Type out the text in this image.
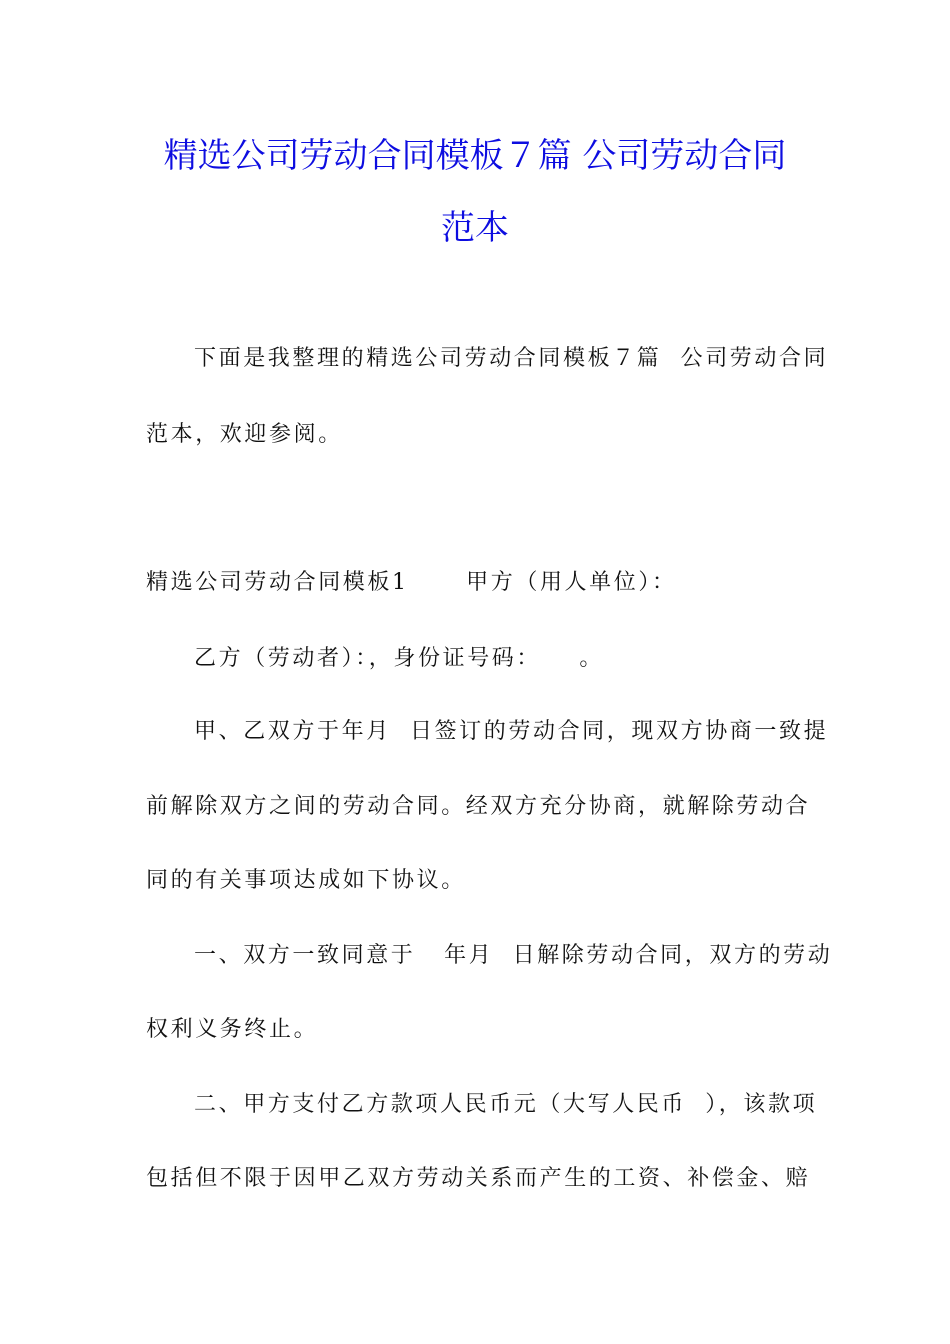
精选公司劳动合同模板７篇 公司劳动合同
范本
下面是我整理的精选公司劳动合同模板７篇  公司劳动合同
范本，欢迎参阅。
精选公司劳动合同模板1      甲方（用人单位）：
乙方（劳动者）：，身份证号码：    。
甲、乙双方于年月  日签订的劳动合同，现双方协商一致提
前解除双方之间的劳动合同。经双方充分协商，就解除劳动合
同的有关事项达成如下协议。
一、双方一致同意于   年月  日解除劳动合同，双方的劳动
权利义务终止。
二、甲方支付乙方款项人民币元（大写人民币  ），该款项
包括但不限于因甲乙双方劳动关系而产生的工资、补偿金、赔
